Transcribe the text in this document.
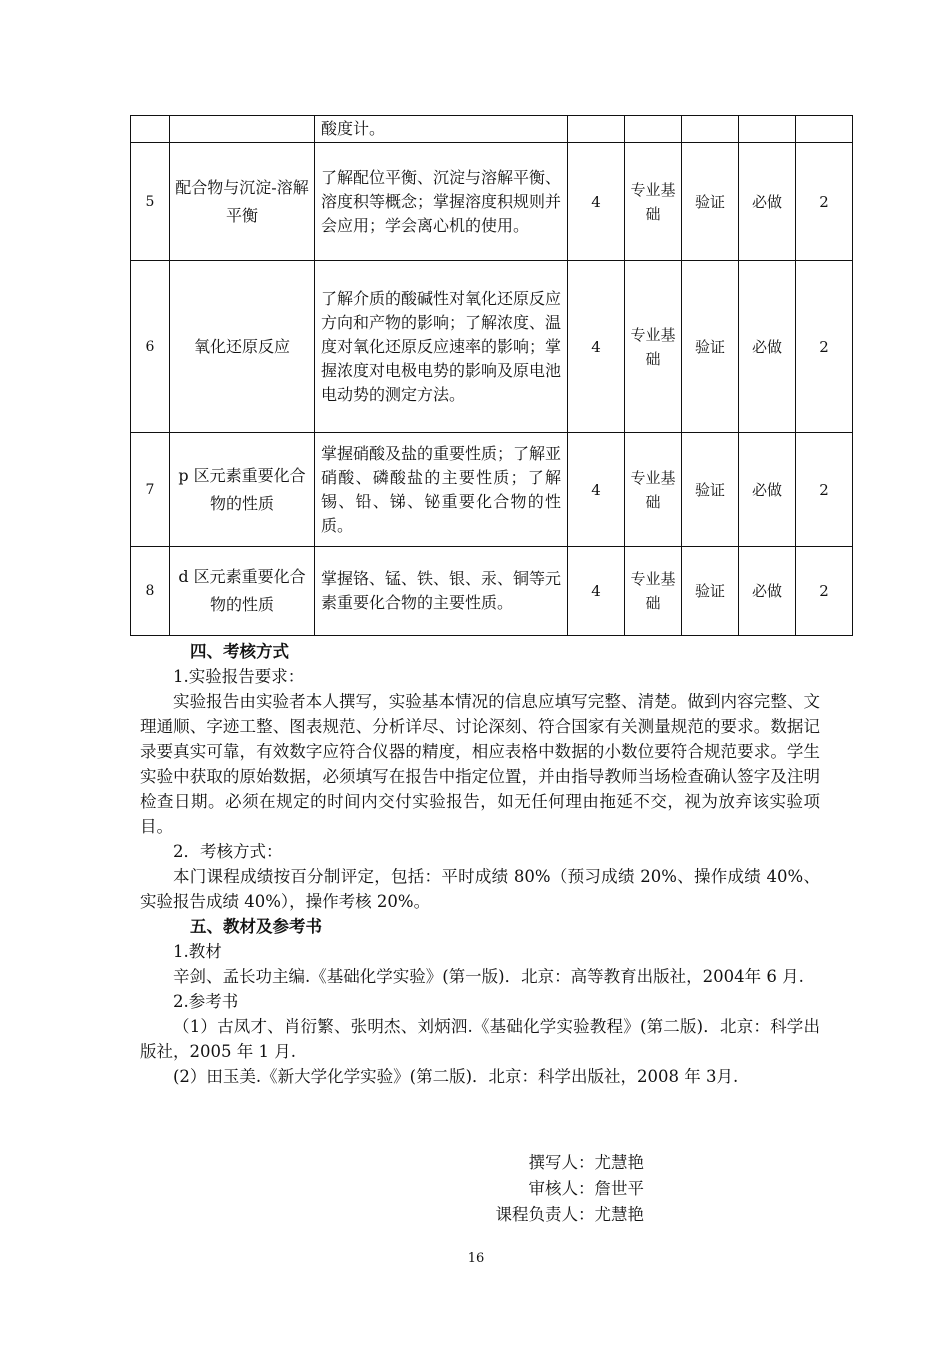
		酸度计。					
5	配合物与沉淀-溶解平衡	了解配位平衡、沉淀与溶解平衡、溶度积等概念；掌握溶度积规则并会应用；学会离心机的使用。	4	专业基础	验证	必做	2
6	氧化还原反应	了解介质的酸碱性对氧化还原反应方向和产物的影响；了解浓度、温度对氧化还原反应速率的影响；掌握浓度对电极电势的影响及原电池电动势的测定方法。	4	专业基础	验证	必做	2
7	p 区元素重要化合物的性质	掌握硝酸及盐的重要性质；了解亚硝酸、磷酸盐的主要性质；了解锡、铅、锑、铋重要化合物的性质。	4	专业基础	验证	必做	2
8	d 区元素重要化合物的性质	掌握铬、锰、铁、银、汞、铜等元素重要化合物的主要性质。	4	专业基础	验证	必做	2

四、考核方式

1.实验报告要求：

实验报告由实验者本人撰写，实验基本情况的信息应填写完整、清楚。做到内容完整、文理通顺、字迹工整、图表规范、分析详尽、讨论深刻、符合国家有关测量规范的要求。数据记录要真实可靠，有效数字应符合仪器的精度，相应表格中数据的小数位要符合规范要求。学生实验中获取的原始数据，必须填写在报告中指定位置，并由指导教师当场检查确认签字及注明检查日期。必须在规定的时间内交付实验报告，如无任何理由拖延不交，视为放弃该实验项目。

2．考核方式：

本门课程成绩按百分制评定，包括：平时成绩 80%（预习成绩 20%、操作成绩 40%、实验报告成绩 40%），操作考核 20%。

五、教材及参考书

1.教材

辛剑、孟长功主编.《基础化学实验》(第一版)．北京：高等教育出版社，2004年 6 月.

2.参考书

（1）古凤才、肖衍繁、张明杰、刘炳泗.《基础化学实验教程》(第二版)．北京：科学出版社，2005 年 1 月.

(2）田玉美.《新大学化学实验》(第二版)．北京：科学出版社，2008 年 3月.

撰写人：尤慧艳
审核人：詹世平
课程负责人：尤慧艳
16
